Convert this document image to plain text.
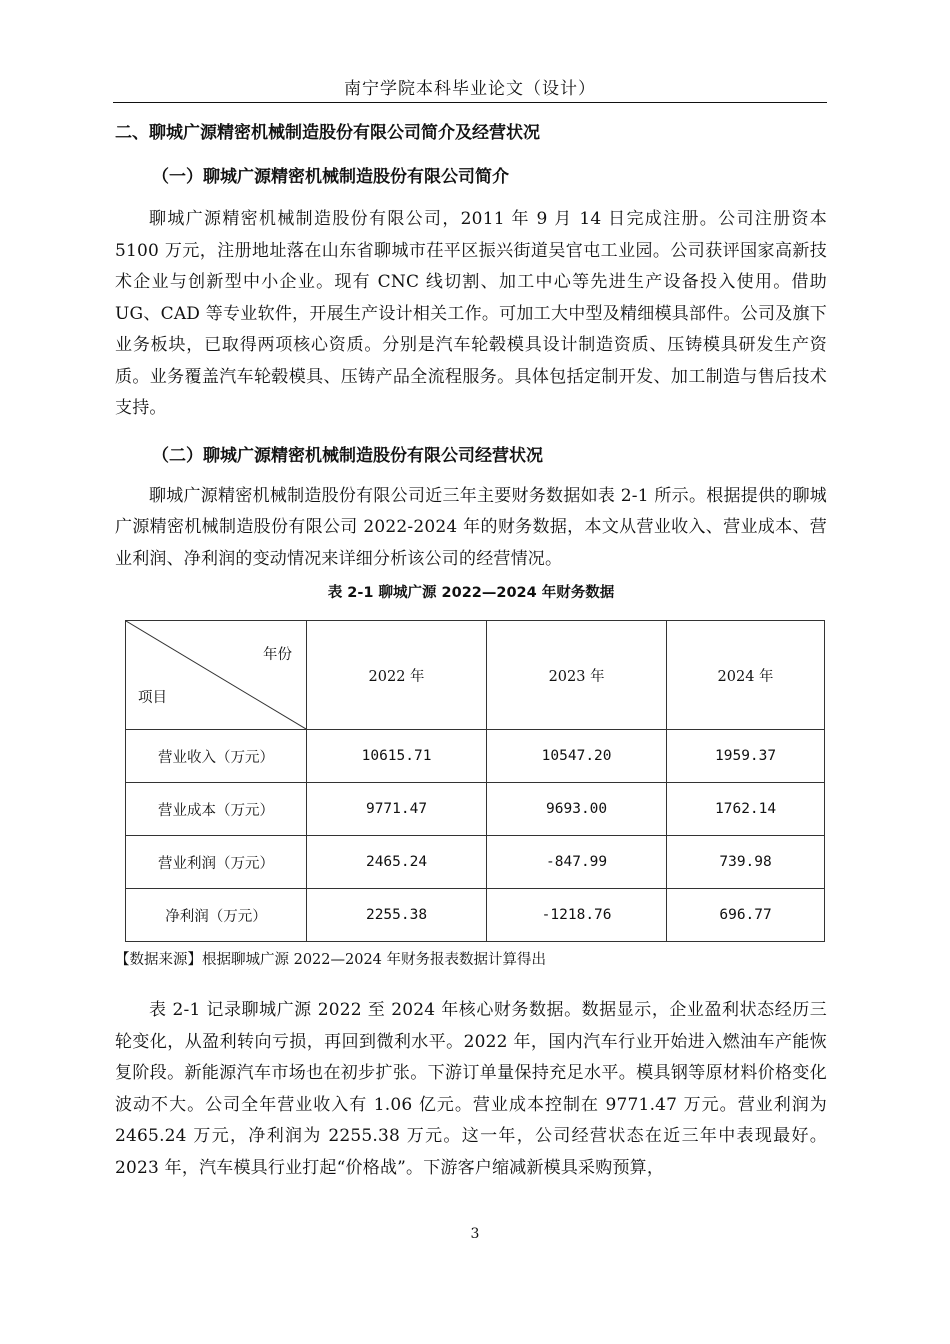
南宁学院本科毕业论文（设计）
二、聊城广源精密机械制造股份有限公司简介及经营状况
（一）聊城广源精密机械制造股份有限公司简介

聊城广源精密机械制造股份有限公司，2011 年 9 月 14 日完成注册。公司注册资本 5100 万元，注册地址落在山东省聊城市茌平区振兴街道吴官屯工业园。公司获评国家高新技术企业与创新型中小企业。现有 CNC 线切割、加工中心等先进生产设备投入使用。借助 UG、CAD 等专业软件，开展生产设计相关工作。可加工大中型及精细模具部件。公司及旗下业务板块，已取得两项核心资质。分别是汽车轮毂模具设计制造资质、压铸模具研发生产资质。业务覆盖汽车轮毂模具、压铸产品全流程服务。具体包括定制开发、加工制造与售后技术支持。

（二）聊城广源精密机械制造股份有限公司经营状况

聊城广源精密机械制造股份有限公司近三年主要财务数据如表 2-1 所示。根据提供的聊城广源精密机械制造股份有限公司 2022-2024 年的财务数据，本文从营业收入、营业成本、营业利润、净利润的变动情况来详细分析该公司的经营情况。

表 2-1 聊城广源 2022—2024 年财务数据
年份
项目	2022 年	2023 年	2024 年
营业收入（万元）	10615.71	10547.20	1959.37
营业成本（万元）	9771.47	9693.00	1762.14
营业利润（万元）	2465.24	-847.99	739.98
净利润（万元）	2255.38	-1218.76	696.77
【数据来源】根据聊城广源 2022—2024 年财务报表数据计算得出

表 2-1 记录聊城广源 2022 至 2024 年核心财务数据。数据显示，企业盈利状态经历三轮变化，从盈利转向亏损，再回到微利水平。2022 年，国内汽车行业开始进入燃油车产能恢复阶段。新能源汽车市场也在初步扩张。下游订单量保持充足水平。模具钢等原材料价格变化波动不大。公司全年营业收入有 1.06 亿元。营业成本控制在 9771.47 万元。营业利润为 2465.24 万元，净利润为 2255.38 万元。这一年，公司经营状态在近三年中表现最好。2023 年，汽车模具行业打起“价格战”。下游客户缩减新模具采购预算，

3
